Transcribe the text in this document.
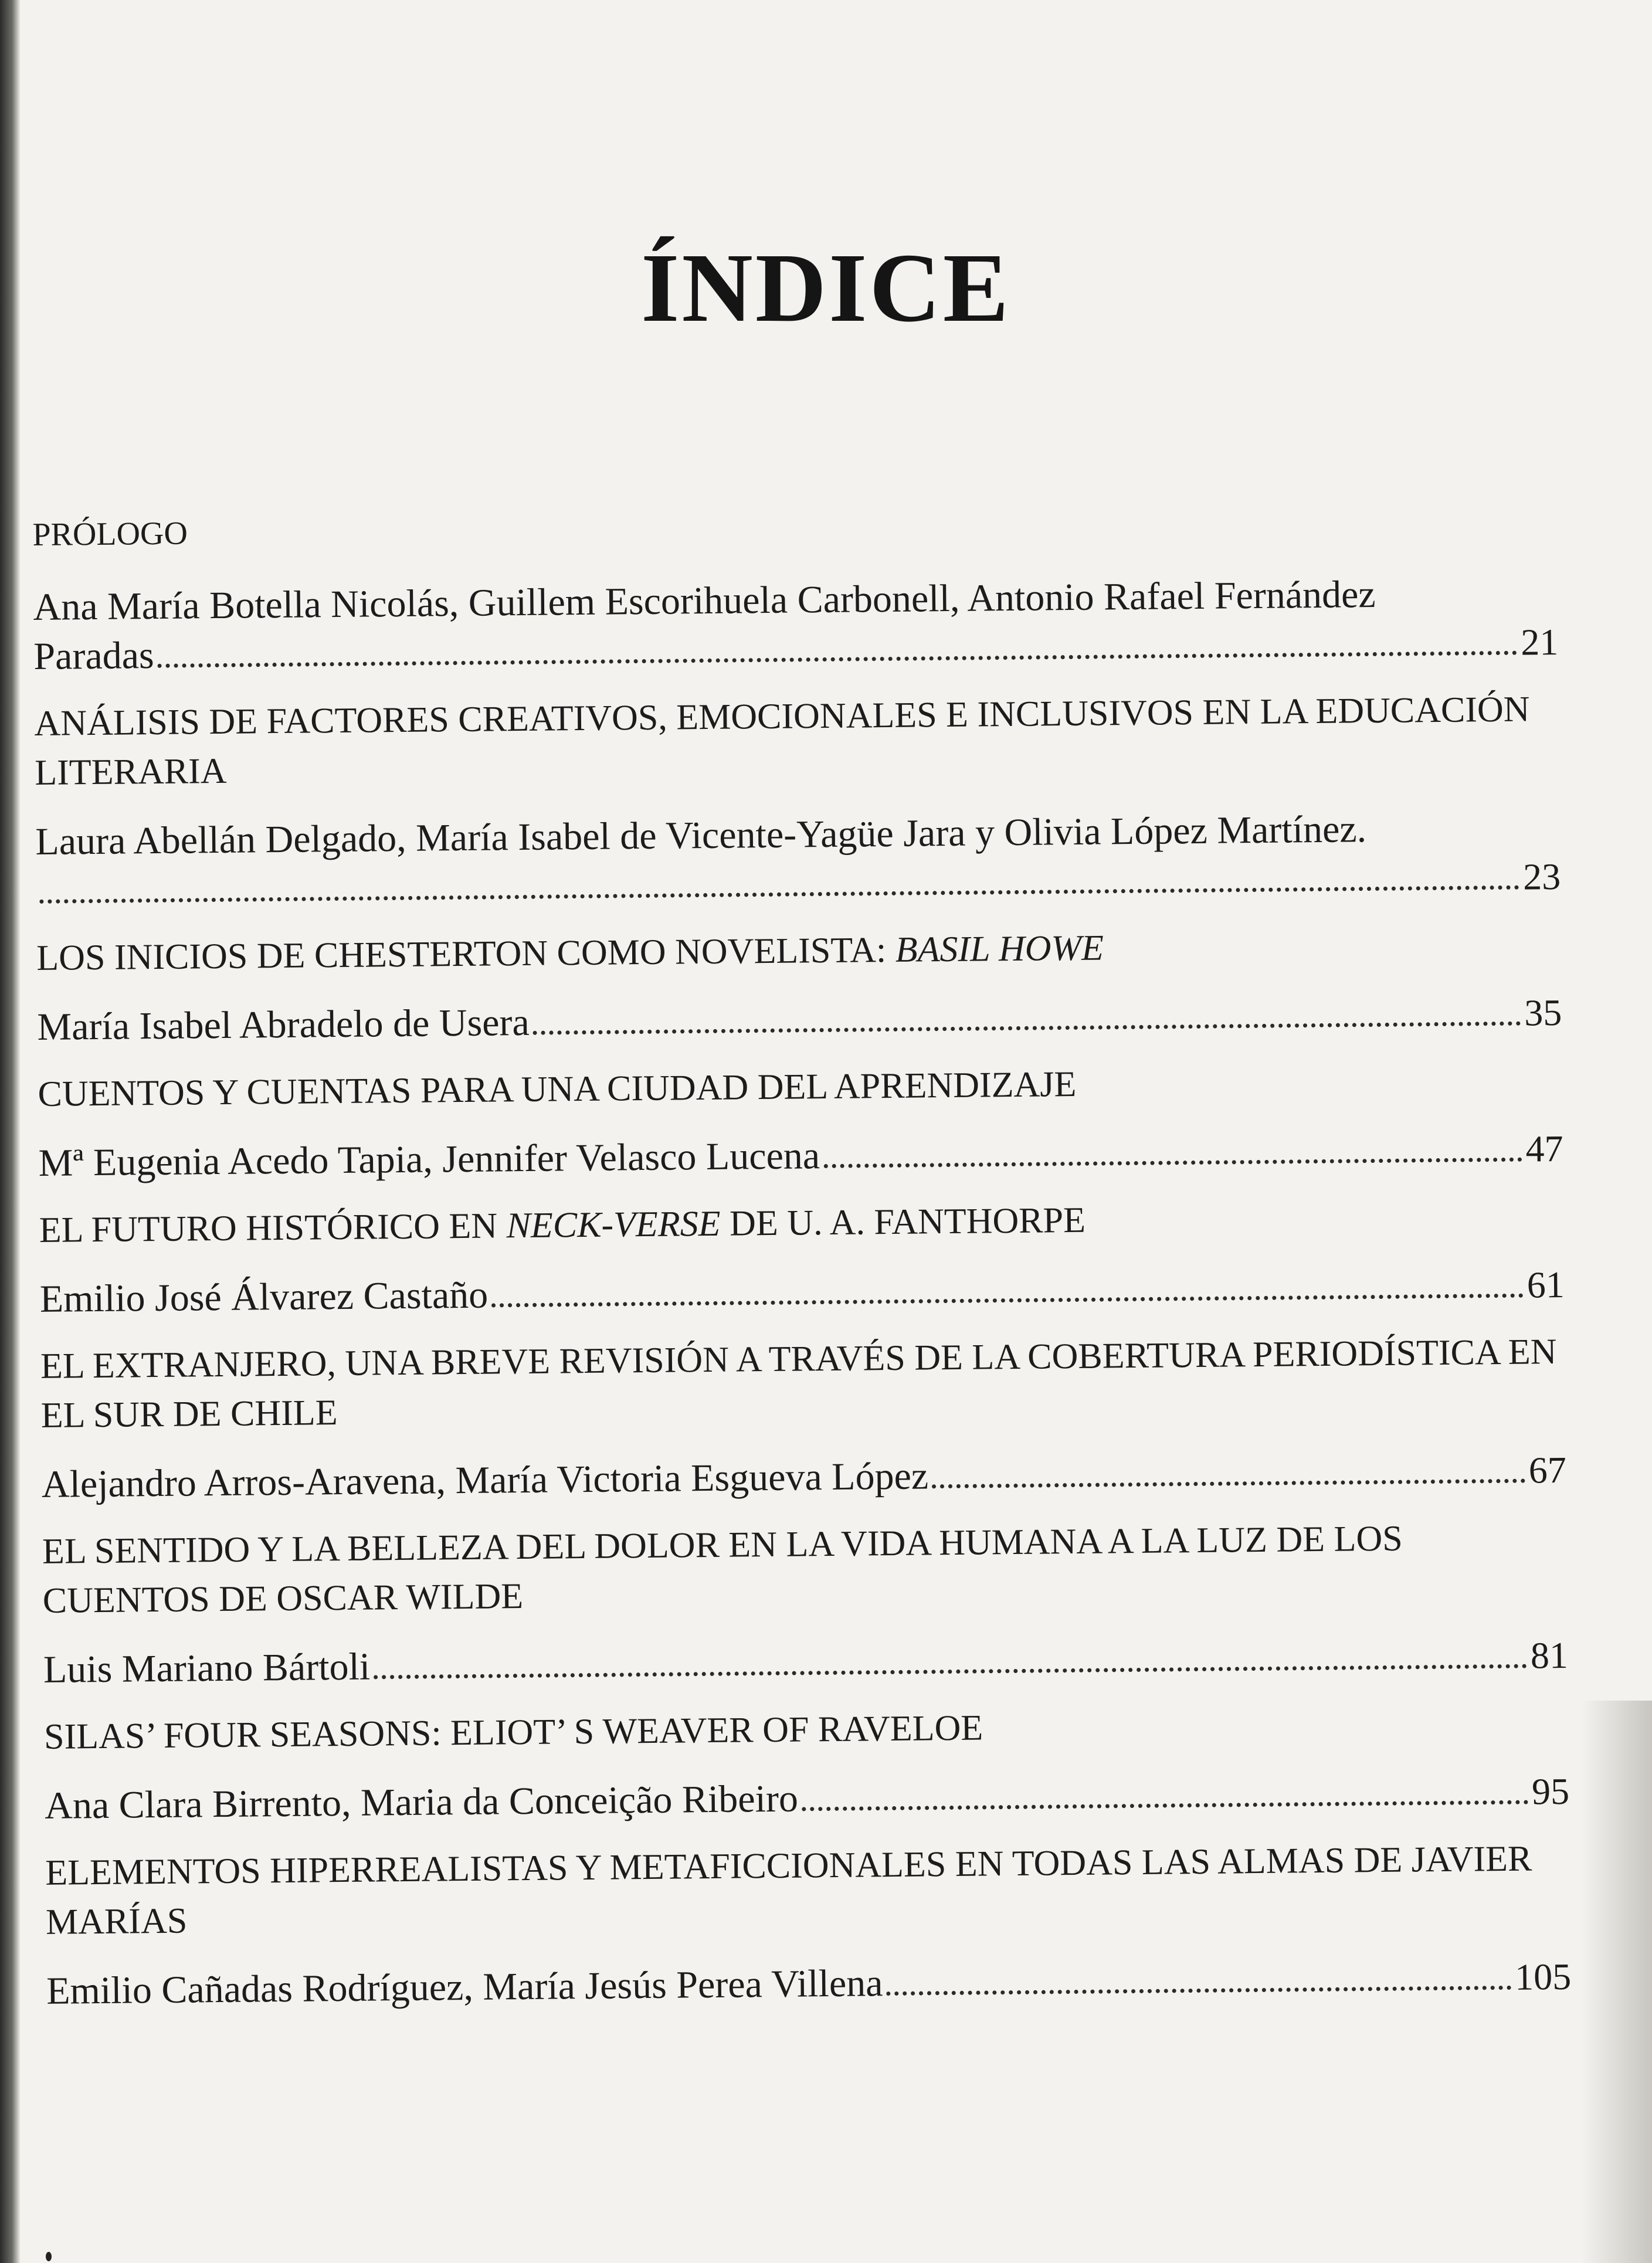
ÍNDICE
PRÓLOGO
Ana María Botella Nicolás, Guillem Escorihuela Carbonell, Antonio Rafael Fernández
Paradas	21
ANÁLISIS DE FACTORES CREATIVOS, EMOCIONALES E INCLUSIVOS EN LA EDUCACIÓN LITERARIA
Laura Abellán Delgado, María Isabel de Vicente-Yagüe Jara y Olivia López Martínez.
23
LOS INICIOS DE CHESTERTON COMO NOVELISTA: BASIL HOWE
María Isabel Abradelo de Usera	35
CUENTOS Y CUENTAS PARA UNA CIUDAD DEL APRENDIZAJE
Mª Eugenia Acedo Tapia, Jennifer Velasco Lucena	47
EL FUTURO HISTÓRICO EN NECK-VERSE DE U. A. FANTHORPE
Emilio José Álvarez Castaño	61
EL EXTRANJERO, UNA BREVE REVISIÓN A TRAVÉS DE LA COBERTURA PERIODÍSTICA EN EL SUR DE CHILE
Alejandro Arros-Aravena, María Victoria Esgueva López	67
EL SENTIDO Y LA BELLEZA DEL DOLOR EN LA VIDA HUMANA A LA LUZ DE LOS CUENTOS DE OSCAR WILDE
Luis Mariano Bártoli	81
SILAS’ FOUR SEASONS: ELIOT’ S WEAVER OF RAVELOE
Ana Clara Birrento, Maria da Conceição Ribeiro	95
ELEMENTOS HIPERREALISTAS Y METAFICCIONALES EN TODAS LAS ALMAS DE JAVIER MARÍAS
Emilio Cañadas Rodríguez, María Jesús Perea Villena	105
